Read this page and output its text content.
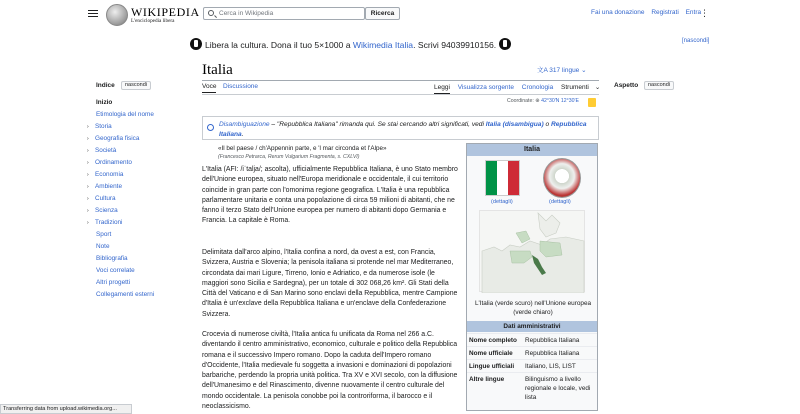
WIKIPEDIA
L'enciclopedia libera
Cerca in Wikipedia	Ricerca	Fai una donazione Registrati Entra
⋮
Libera la cultura. Dona il tuo 5×1000 a Wikimedia Italia. Scrivi 94039910156.	[nascondi]
Indice	nascondi
Inizio
Etimologia del nome
› Storia
› Geografia fisica
› Società
› Ordinamento
› Economia
› Ambiente
› Cultura
› Scienza
› Tradizioni
Sport
Note
Bibliografia
Voci correlate
Altri progetti
Collegamenti esterni
Italia	文A 317 lingue ⌄
Voce Discussione	Leggi Visualizza sorgente Cronologia Strumenti ⌄
Coordinate: ⊕ 42°30′N 12°30′E
Aspetto	nascondi
Disambiguazione – "Repubblica Italiana" rimanda qui. Se stai cercando altri significati, vedi Italia (disambigua) o Repubblica Italiana.
«Il bel paese / ch'Appennin parte, e 'l mar circonda et l'Alpe»
(Francesco Petrarca, Rerum Vulgarium Fragmenta, s. CXLVI)
L'Italia (AFI: /iˈtalja/; ascolta), ufficialmente Repubblica Italiana, è uno Stato membro dell'Unione europea, situato nell'Europa meridionale e occidentale, il cui territorio coincide in gran parte con l'omonima regione geografica. L'Italia è una repubblica parlamentare unitaria e conta una popolazione di circa 59 milioni di abitanti, che ne fanno il terzo Stato dell'Unione europea per numero di abitanti dopo Germania e Francia. La capitale è Roma.
Delimitata dall'arco alpino, l'Italia confina a nord, da ovest a est, con Francia, Svizzera, Austria e Slovenia; la penisola italiana si protende nel mar Mediterraneo, circondata dai mari Ligure, Tirreno, Ionio e Adriatico, e da numerose isole (le maggiori sono Sicilia e Sardegna), per un totale di 302 068,26 km². Gli Stati della Città del Vaticano e di San Marino sono enclavi della Repubblica, mentre Campione d'Italia è un'exclave della Repubblica Italiana e un'enclave della Confederazione Svizzera.
Crocevia di numerose civiltà, l'Italia antica fu unificata da Roma nel 266 a.C. diventando il centro amministrativo, economico, culturale e politico della Repubblica romana e il successivo Impero romano. Dopo la caduta dell'Impero romano d'Occidente, l'Italia medievale fu soggetta a invasioni e dominazioni di popolazioni barbariche, perdendo la propria unità politica. Tra XV e XVI secolo, con la diffusione dell'Umanesimo e del Rinascimento, divenne nuovamente il centro culturale del mondo occidentale. La penisola conobbe poi la controriforma, il barocco e il neoclassicismo.
Italia
(dettagli)	(dettagli)
L'Italia (verde scuro) nell'Unione europea (verde chiaro)
Dati amministrativi
Nome completo	Repubblica Italiana
Nome ufficiale	Repubblica Italiana
Lingue ufficiali	Italiano, LIS, LIST
Altre lingue	Bilinguismo a livello regionale e locale, vedi lista
Transferring data from upload.wikimedia.org...
